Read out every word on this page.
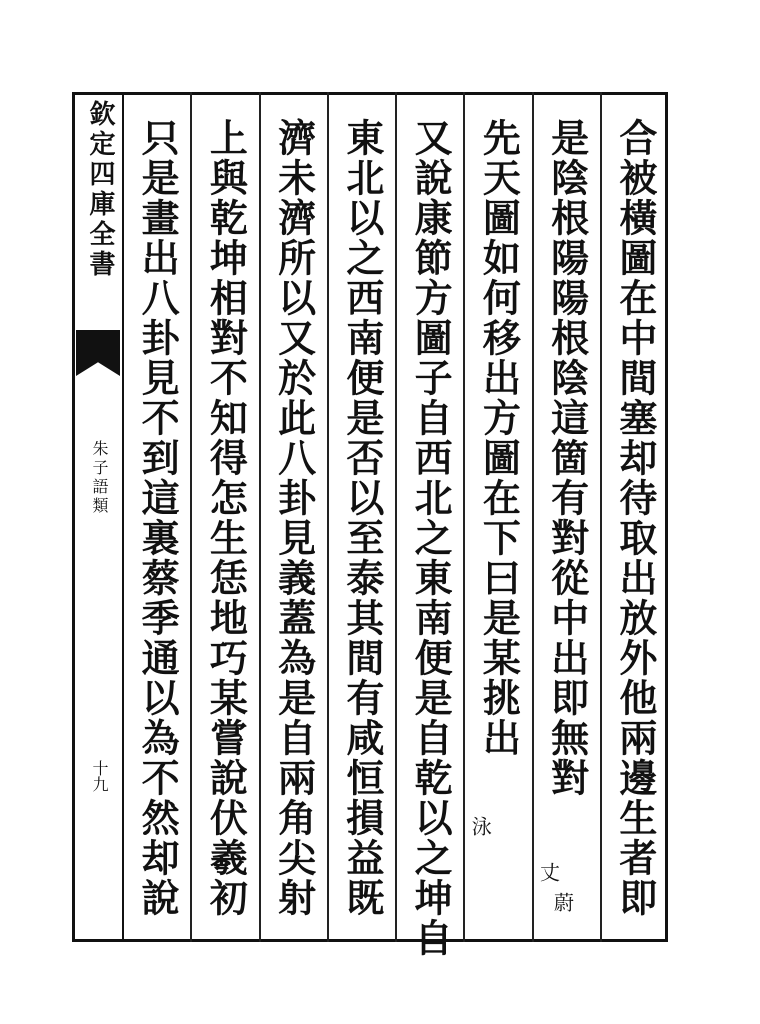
欽定四庫全書
朱子語類
十九	合被橫圖在中間塞却待取出放外他兩邊生者即
是陰根陽陽根陰這箇有對從中出即無對
丈
蔚
先天圖如何移出方圖在下曰是某挑出
泳
又說康節方圖子自西北之東南便是自乾以之坤自
東北以之西南便是否以至泰其間有咸恒損益既
濟未濟所以又於此八卦見義蓋為是自兩角尖射
上與乾坤相對不知得怎生恁地巧某嘗說伏羲初
只是畫出八卦見不到這裏蔡季通以為不然却說
